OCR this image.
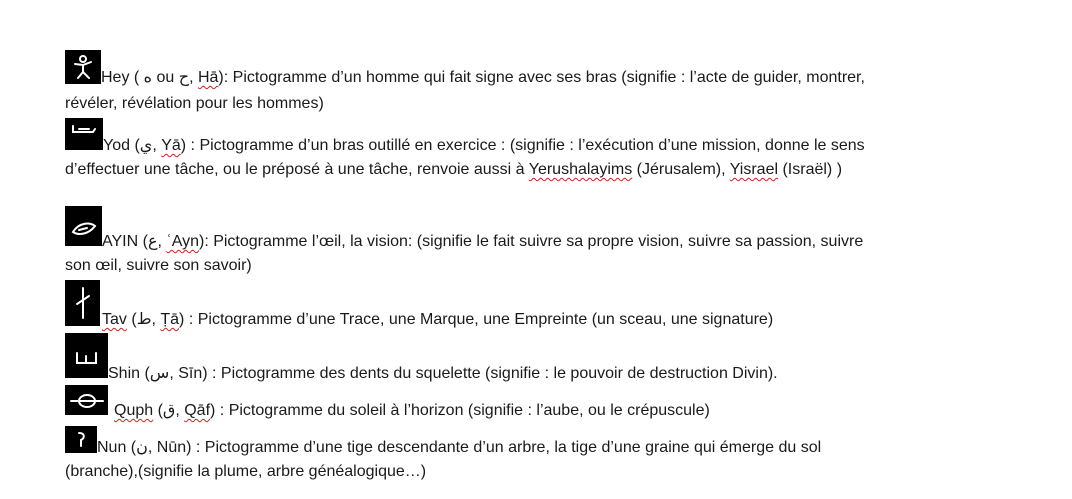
Hey ( ه ou ح, Hā): Pictogramme d’un homme qui fait signe avec ses bras (signifie : l’acte de guider, montrer,
révéler, révélation pour les hommes)
Yod (ي, Yā) : Pictogramme d’un bras outillé en exercice : (signifie : l’exécution d’une mission, donne le sens
d’effectuer une tâche, ou le préposé à une tâche, renvoie aussi à Yerushalayims (Jérusalem), Yisrael (Israël) )
AYIN (ع, ʿAyn): Pictogramme l’œil, la vision: (signifie le fait suivre sa propre vision, suivre sa passion, suivre
son œil, suivre son savoir)
Tav (ط, Ṭā) : Pictogramme d’une Trace, une Marque, une Empreinte (un sceau, une signature)
Shin (س, Sīn) : Pictogramme des dents du squelette (signifie : le pouvoir de destruction Divin).
Quph (ق, Qāf) : Pictogramme du soleil à l’horizon (signifie : l’aube, ou le crépuscule)
Nun (ن, Nūn) : Pictogramme d’une tige descendante d’un arbre, la tige d’une graine qui émerge du sol
(branche),(signifie la plume, arbre généalogique…)
